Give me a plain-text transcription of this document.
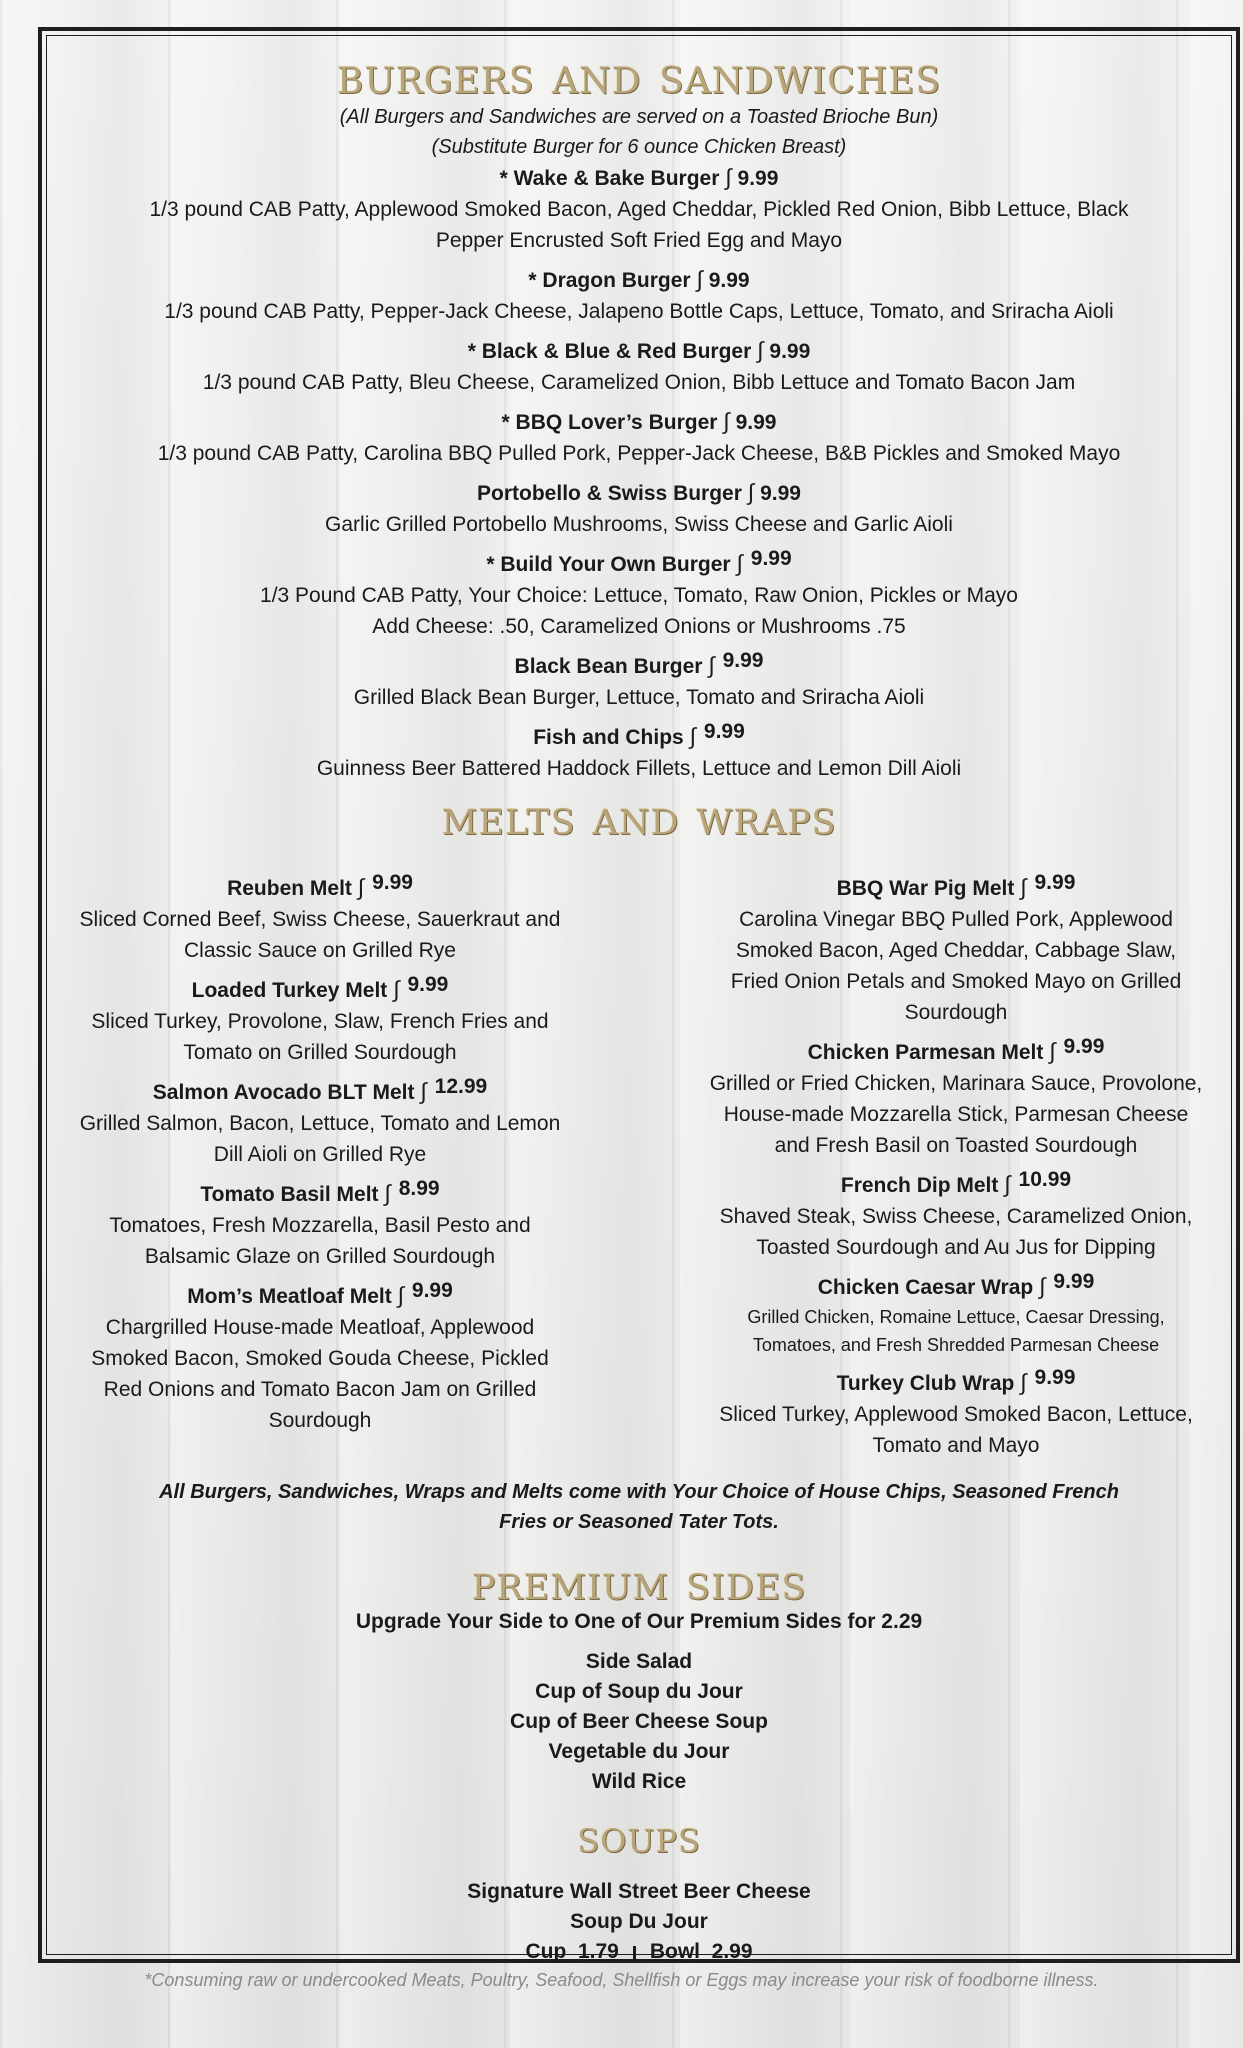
burgers and sandwiches
(All Burgers and Sandwiches are served on a Toasted Brioche Bun)
(Substitute Burger for 6 ounce Chicken Breast)
* Wake & Bake Burger ∫ 9.99
1/3 pound CAB Patty, Applewood Smoked Bacon, Aged Cheddar, Pickled Red Onion, Bibb Lettuce, Black
Pepper Encrusted Soft Fried Egg and Mayo
* Dragon Burger ∫ 9.99
1/3 pound CAB Patty, Pepper-Jack Cheese, Jalapeno Bottle Caps, Lettuce, Tomato, and Sriracha Aioli
* Black & Blue & Red Burger ∫ 9.99
1/3 pound CAB Patty, Bleu Cheese, Caramelized Onion, Bibb Lettuce and Tomato Bacon Jam
* BBQ Lover’s Burger ∫ 9.99
1/3 pound CAB Patty, Carolina BBQ Pulled Pork, Pepper-Jack Cheese, B&B Pickles and Smoked Mayo
Portobello & Swiss Burger ∫ 9.99
Garlic Grilled Portobello Mushrooms, Swiss Cheese and Garlic Aioli
* Build Your Own Burger ∫ 9.99
1/3 Pound CAB Patty, Your Choice: Lettuce, Tomato, Raw Onion, Pickles or Mayo
Add Cheese: .50, Caramelized Onions or Mushrooms .75
Black Bean Burger ∫ 9.99
Grilled Black Bean Burger, Lettuce, Tomato and Sriracha Aioli
Fish and Chips ∫ 9.99
Guinness Beer Battered Haddock Fillets, Lettuce and Lemon Dill Aioli
melts and wraps
Reuben Melt ∫ 9.99
Sliced Corned Beef, Swiss Cheese, Sauerkraut and
Classic Sauce on Grilled Rye
Loaded Turkey Melt ∫ 9.99
Sliced Turkey, Provolone, Slaw, French Fries and
Tomato on Grilled Sourdough
Salmon Avocado BLT Melt ∫ 12.99
Grilled Salmon, Bacon, Lettuce, Tomato and Lemon
Dill Aioli on Grilled Rye
Tomato Basil Melt ∫ 8.99
Tomatoes, Fresh Mozzarella, Basil Pesto and
Balsamic Glaze on Grilled Sourdough
Mom’s Meatloaf Melt ∫ 9.99
Chargrilled House-made Meatloaf, Applewood
Smoked Bacon, Smoked Gouda Cheese, Pickled
Red Onions and Tomato Bacon Jam on Grilled
Sourdough
BBQ War Pig Melt ∫ 9.99
Carolina Vinegar BBQ Pulled Pork, Applewood
Smoked Bacon, Aged Cheddar, Cabbage Slaw,
Fried Onion Petals and Smoked Mayo on Grilled
Sourdough
Chicken Parmesan Melt ∫ 9.99
Grilled or Fried Chicken, Marinara Sauce, Provolone,
House-made Mozzarella Stick, Parmesan Cheese
and Fresh Basil on Toasted Sourdough
French Dip Melt ∫ 10.99
Shaved Steak, Swiss Cheese, Caramelized Onion,
Toasted Sourdough and Au Jus for Dipping
Chicken Caesar Wrap ∫ 9.99
Grilled Chicken, Romaine Lettuce, Caesar Dressing,
Tomatoes, and Fresh Shredded Parmesan Cheese
Turkey Club Wrap ∫ 9.99
Sliced Turkey, Applewood Smoked Bacon, Lettuce,
Tomato and Mayo
All Burgers, Sandwiches, Wraps and Melts come with Your Choice of House Chips, Seasoned French
Fries or Seasoned Tater Tots.
premium sides
Upgrade Your Side to One of Our Premium Sides for 2.29
Side Salad
Cup of Soup du Jour
Cup of Beer Cheese Soup
Vegetable du Jour
Wild Rice
soups
Signature Wall Street Beer Cheese
Soup Du Jour
Cup 1.79 Bowl 2.99
*Consuming raw or undercooked Meats, Poultry, Seafood, Shellfish or Eggs may increase your risk of foodborne illness.
